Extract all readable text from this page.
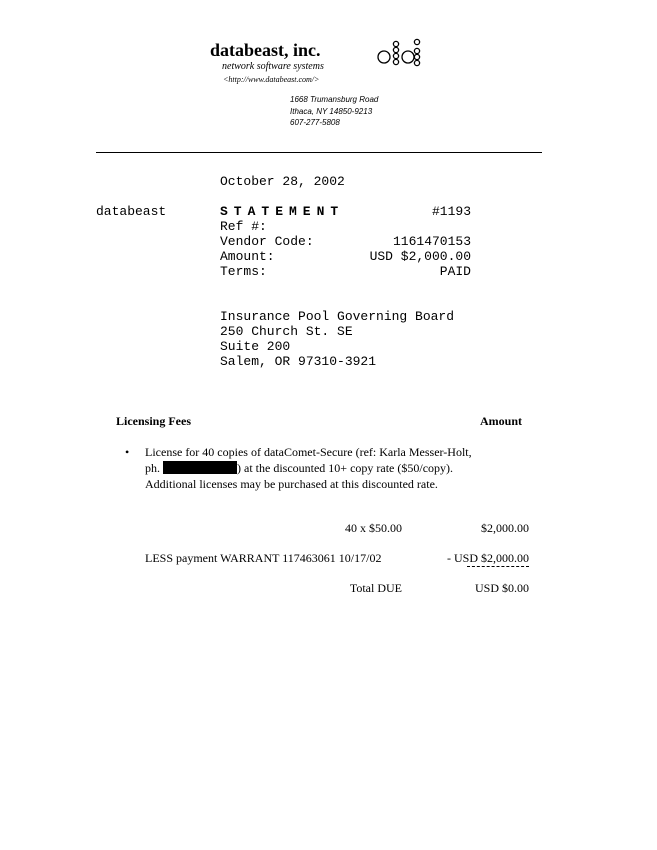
databeast, inc.
network software systems
<http://www.databeast.com/>
1668 Trumansburg Road
Ithaca, NY 14850-9213
607-277-5808
October 28, 2002
databeast	STATEMENT	#1193
Ref #:
Vendor Code:	1161470153
Amount:	USD $2,000.00
Terms:	PAID
Insurance Pool Governing Board
250 Church St. SE
Suite 200
Salem, OR 97310-3921
Licensing Fees	Amount
• License for 40 copies of dataComet-Secure (ref: Karla Messer-Holt, ph.	) at the discounted 10+ copy rate ($50/copy). Additional licenses may be purchased at this discounted rate.
40 x $50.00	$2,000.00
LESS payment WARRANT 117463061 10/17/02	- USD $2,000.00
Total DUE	USD $0.00
